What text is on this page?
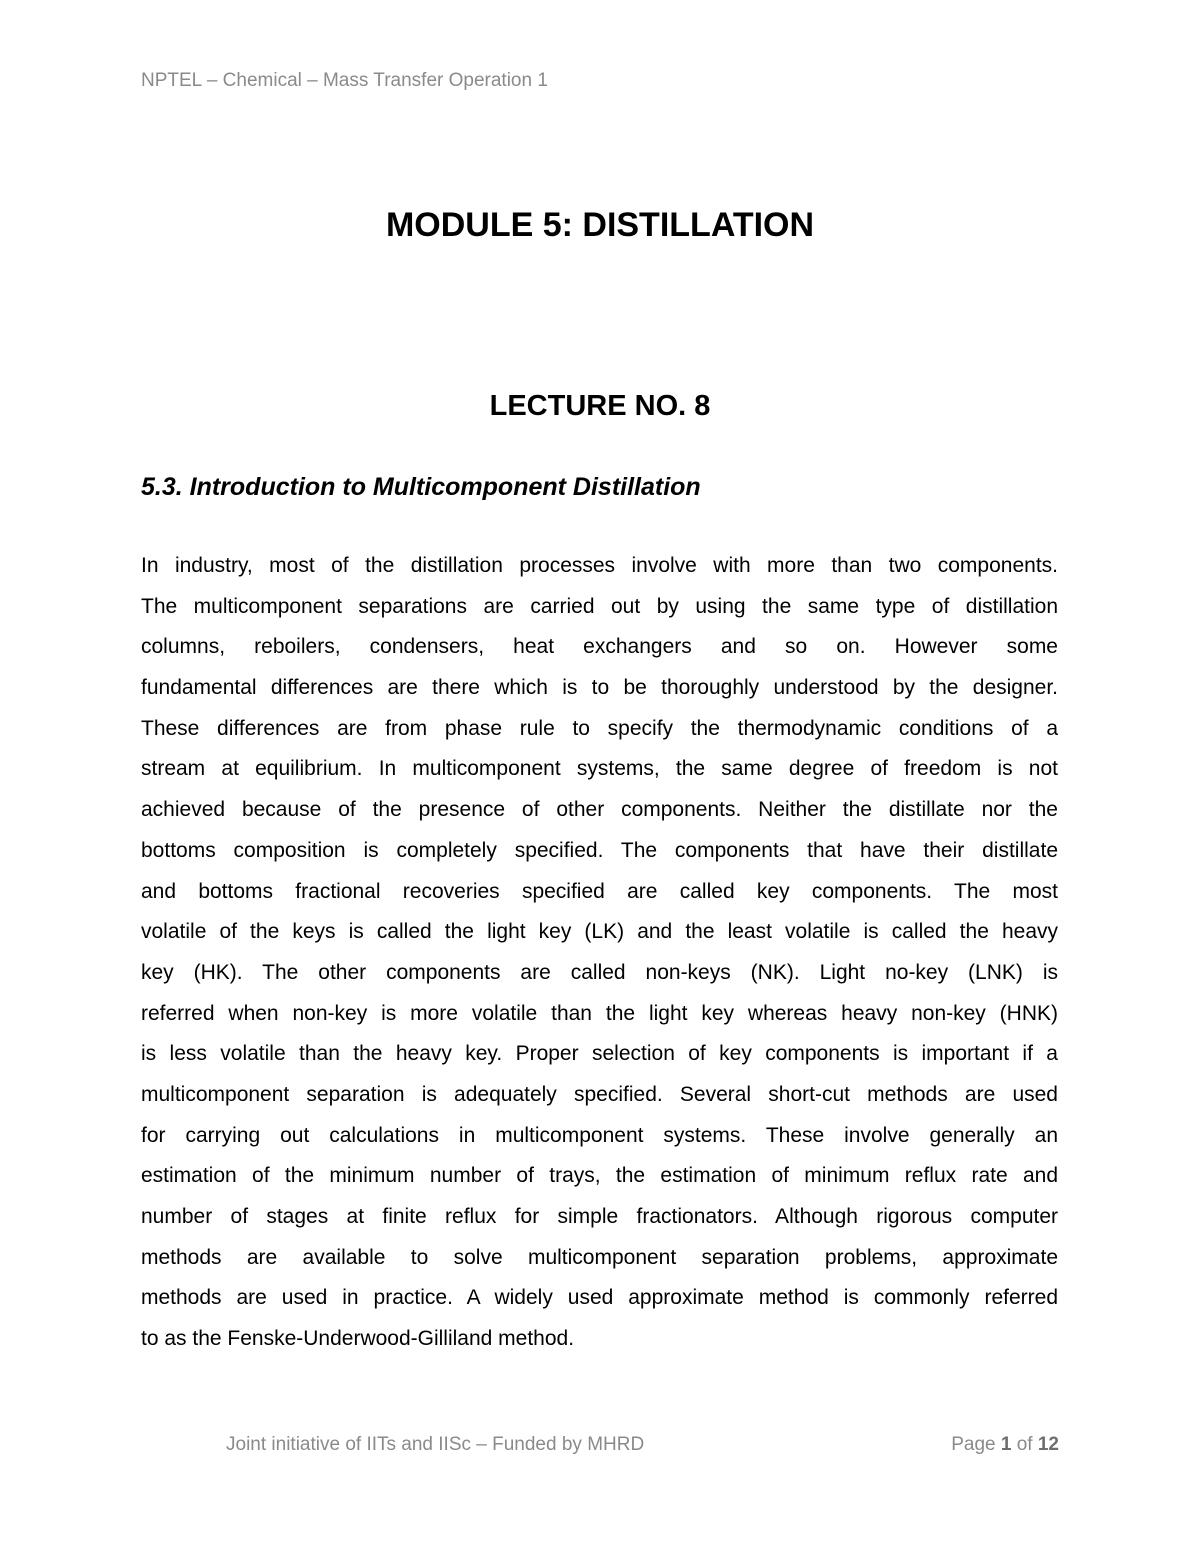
NPTEL – Chemical – Mass Transfer Operation 1
MODULE 5: DISTILLATION
LECTURE NO. 8
5.3. Introduction to Multicomponent Distillation
In industry, most of the distillation processes involve with more than two components.
The multicomponent separations are carried out by using the same type of distillation
columns, reboilers, condensers, heat exchangers and so on. However some
fundamental differences are there which is to be thoroughly understood by the designer.
These differences are from phase rule to specify the thermodynamic conditions of a
stream at equilibrium. In multicomponent systems, the same degree of freedom is not
achieved because of the presence of other components. Neither the distillate nor the
bottoms composition is completely specified. The components that have their distillate
and bottoms fractional recoveries specified are called key components. The most
volatile of the keys is called the light key (LK) and the least volatile is called the heavy
key (HK). The other components are called non-keys (NK). Light no-key (LNK) is
referred when non-key is more volatile than the light key whereas heavy non-key (HNK)
is less volatile than the heavy key. Proper selection of key components is important if a
multicomponent separation is adequately specified. Several short-cut methods are used
for carrying out calculations in multicomponent systems. These involve generally an
estimation of the minimum number of trays, the estimation of minimum reflux rate and
number of stages at finite reflux for simple fractionators. Although rigorous computer
methods are available to solve multicomponent separation problems, approximate
methods are used in practice. A widely used approximate method is commonly referred
to as the Fenske-Underwood-Gilliland method.
Joint initiative of IITs and IISc – Funded by MHRD	Page 1 of 12
